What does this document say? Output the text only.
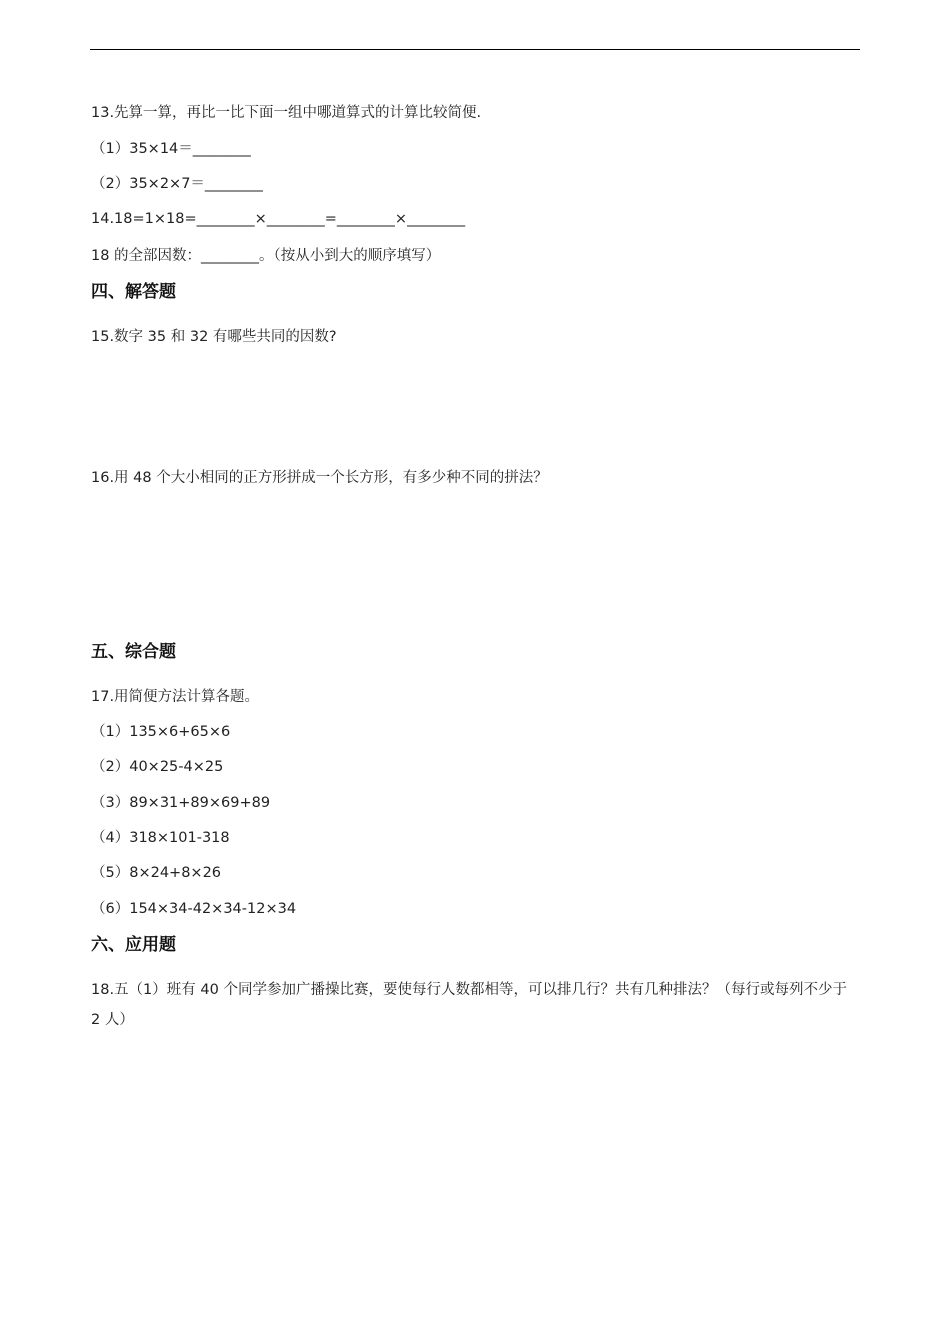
13.先算一算，再比一比下面一组中哪道算式的计算比较简便.
（1）35×14＝________
（2）35×2×7＝________
14.18=1×18=________×________=________×________
18 的全部因数：________。（按从小到大的顺序填写）
四、解答题
15.数字 35 和 32 有哪些共同的因数?
16.用 48 个大小相同的正方形拼成一个长方形，有多少种不同的拼法？
五、综合题
17.用简便方法计算各题。
（1）135×6+65×6
（2）40×25-4×25
（3）89×31+89×69+89
（4）318×101-318
（5）8×24+8×26
（6）154×34-42×34-12×34
六、应用题
18.五（1）班有 40 个同学参加广播操比赛，要使每行人数都相等，可以排几行？共有几种排法？（每行或每列不少于 2 人）
